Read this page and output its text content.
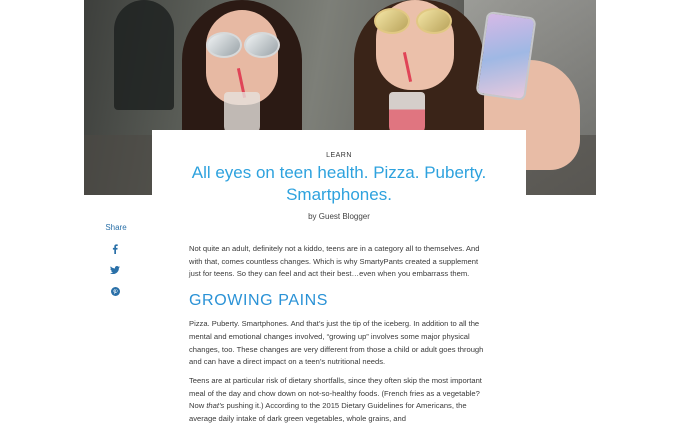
LEARN
All eyes on teen health. Pizza. Puberty. Smartphones.
by Guest Blogger
Share

Not quite an adult, definitely not a kiddo, teens are in a category all to themselves. And with that, comes countless changes. Which is why SmartyPants created a supplement just for teens. So they can feel and act their best…even when you embarrass them.

GROWING PAINS

Pizza. Puberty. Smartphones. And that’s just the tip of the iceberg. In addition to all the mental and emotional changes involved, “growing up” involves some major physical changes, too. These changes are very different from those a child or adult goes through and can have a direct impact on a teen’s nutritional needs.

Teens are at particular risk of dietary shortfalls, since they often skip the most important meal of the day and chow down on not-so-healthy foods. (French fries as a vegetable? Now that’s pushing it.) According to the 2015 Dietary Guidelines for Americans, the average daily intake of dark green vegetables, whole grains, and
